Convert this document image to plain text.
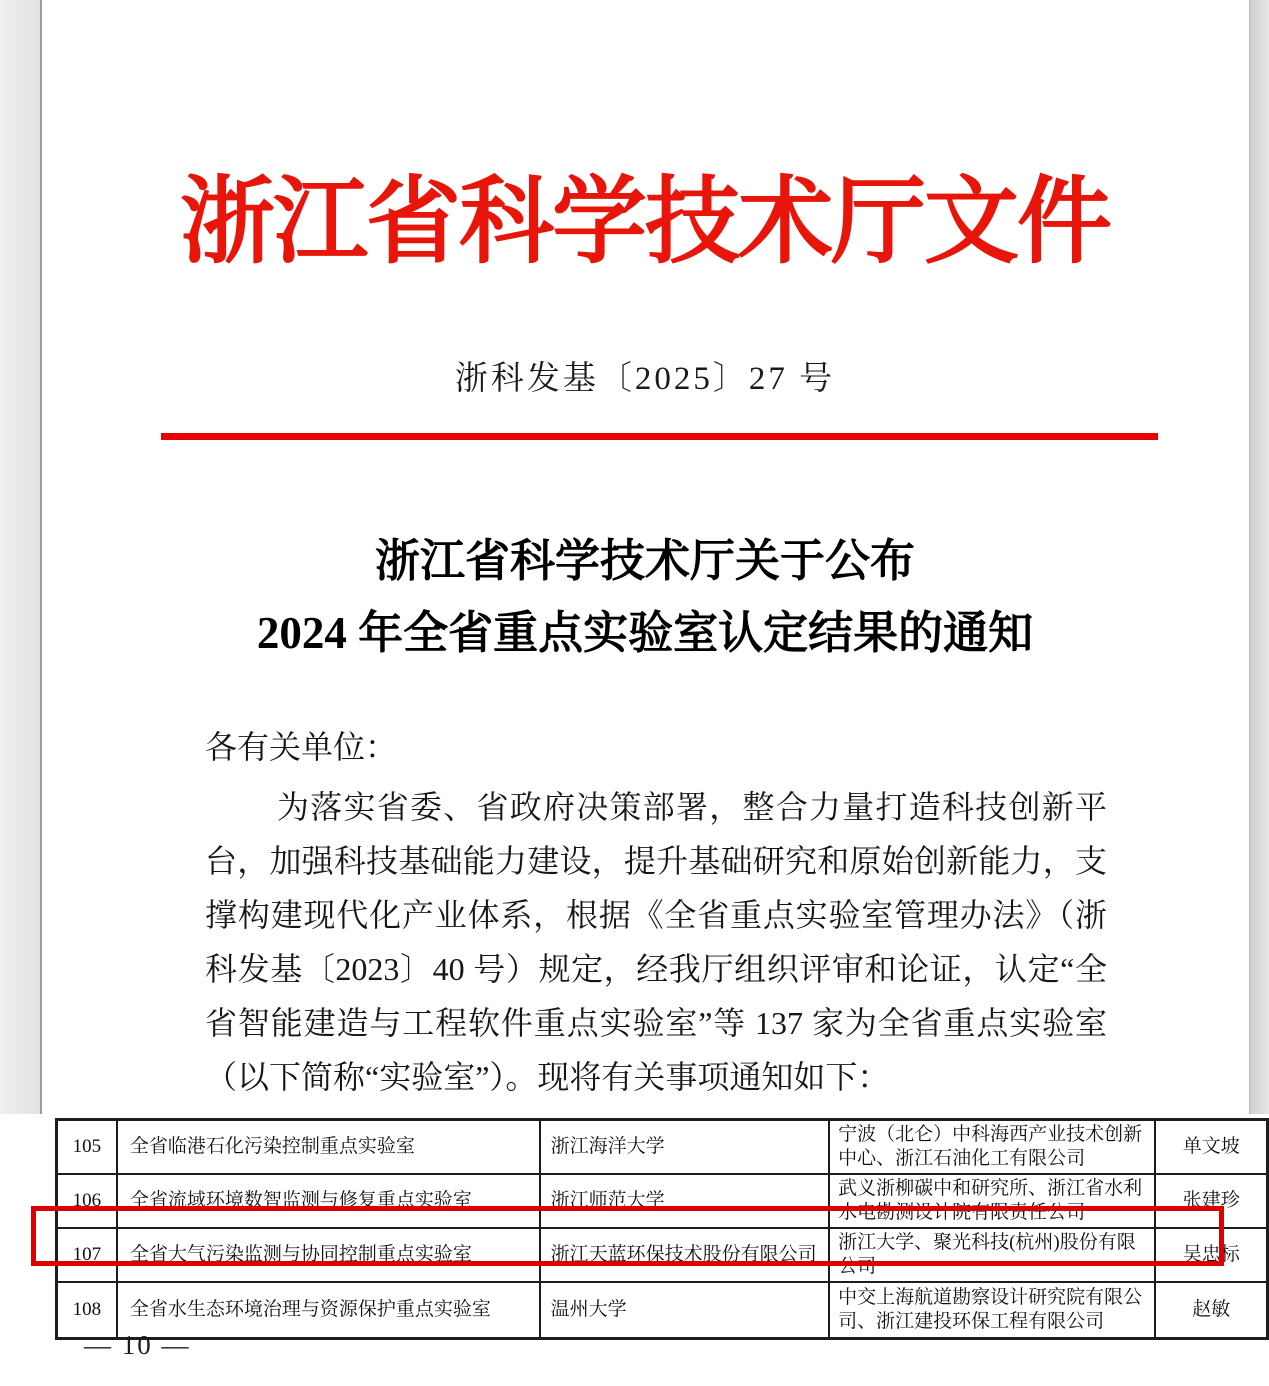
浙江省科学技术厅文件
浙科发基〔2025〕27 号
浙江省科学技术厅关于公布
2024 年全省重点实验室认定结果的通知
各有关单位：
为落实省委、省政府决策部署，整合力量打造科技创新平台，加强科技基础能力建设，提升基础研究和原始创新能力，支撑构建现代化产业体系，根据《全省重点实验室管理办法》（浙科发基〔2023〕40 号）规定，经我厅组织评审和论证，认定“全省智能建造与工程软件重点实验室”等 137 家为全省重点实验室（以下简称“实验室”）。现将有关事项通知如下：
105	全省临港石化污染控制重点实验室	浙江海洋大学	宁波（北仑）中科海西产业技术创新中心、浙江石油化工有限公司	单文坡
106	全省流域环境数智监测与修复重点实验室	浙江师范大学	武义浙柳碳中和研究所、浙江省水利水电勘测设计院有限责任公司	张建珍
107	全省大气污染监测与协同控制重点实验室	浙江天蓝环保技术股份有限公司	浙江大学、聚光科技(杭州)股份有限公司	吴忠标
108	全省水生态环境治理与资源保护重点实验室	温州大学	中交上海航道勘察设计研究院有限公司、浙江建投环保工程有限公司	赵敏
— 10 —
